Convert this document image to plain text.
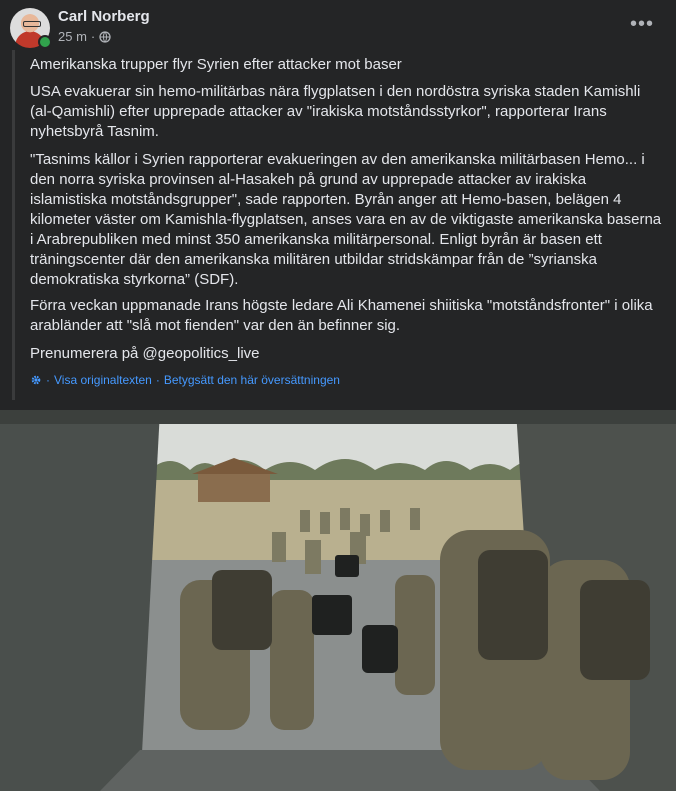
Carl Norberg
25 m ·
•••

Amerikanska trupper flyr Syrien efter attacker mot baser

USA evakuerar sin hemo-militärbas nära flygplatsen i den nordöstra syriska staden Kamishli (al-Qamishli) efter upprepade attacker av "irakiska motståndsstyrkor", rapporterar Irans nyhetsbyrå Tasnim.

"Tasnims källor i Syrien rapporterar evakueringen av den amerikanska militärbasen Hemo... i den norra syriska provinsen al-Hasakeh på grund av upprepade attacker av irakiska islamistiska motståndsgrupper", sade rapporten. Byrån anger att Hemo-basen, belägen 4 kilometer väster om Kamishla-flygplatsen, anses vara en av de viktigaste amerikanska baserna i Arabrepubliken med minst 350 amerikanska militärpersonal. Enligt byrån är basen ett träningscenter där den amerikanska militären utbildar stridskämpar från de ”syrianska demokratiska styrkorna” (SDF).

Förra veckan uppmanade Irans högste ledare Ali Khamenei shiitiska "motståndsfronter" i olika arabländer att "slå mot fienden" var den än befinner sig.

Prenumerera på @geopolitics_live

· Visa originaltexten · Betygsätt den här översättningen
